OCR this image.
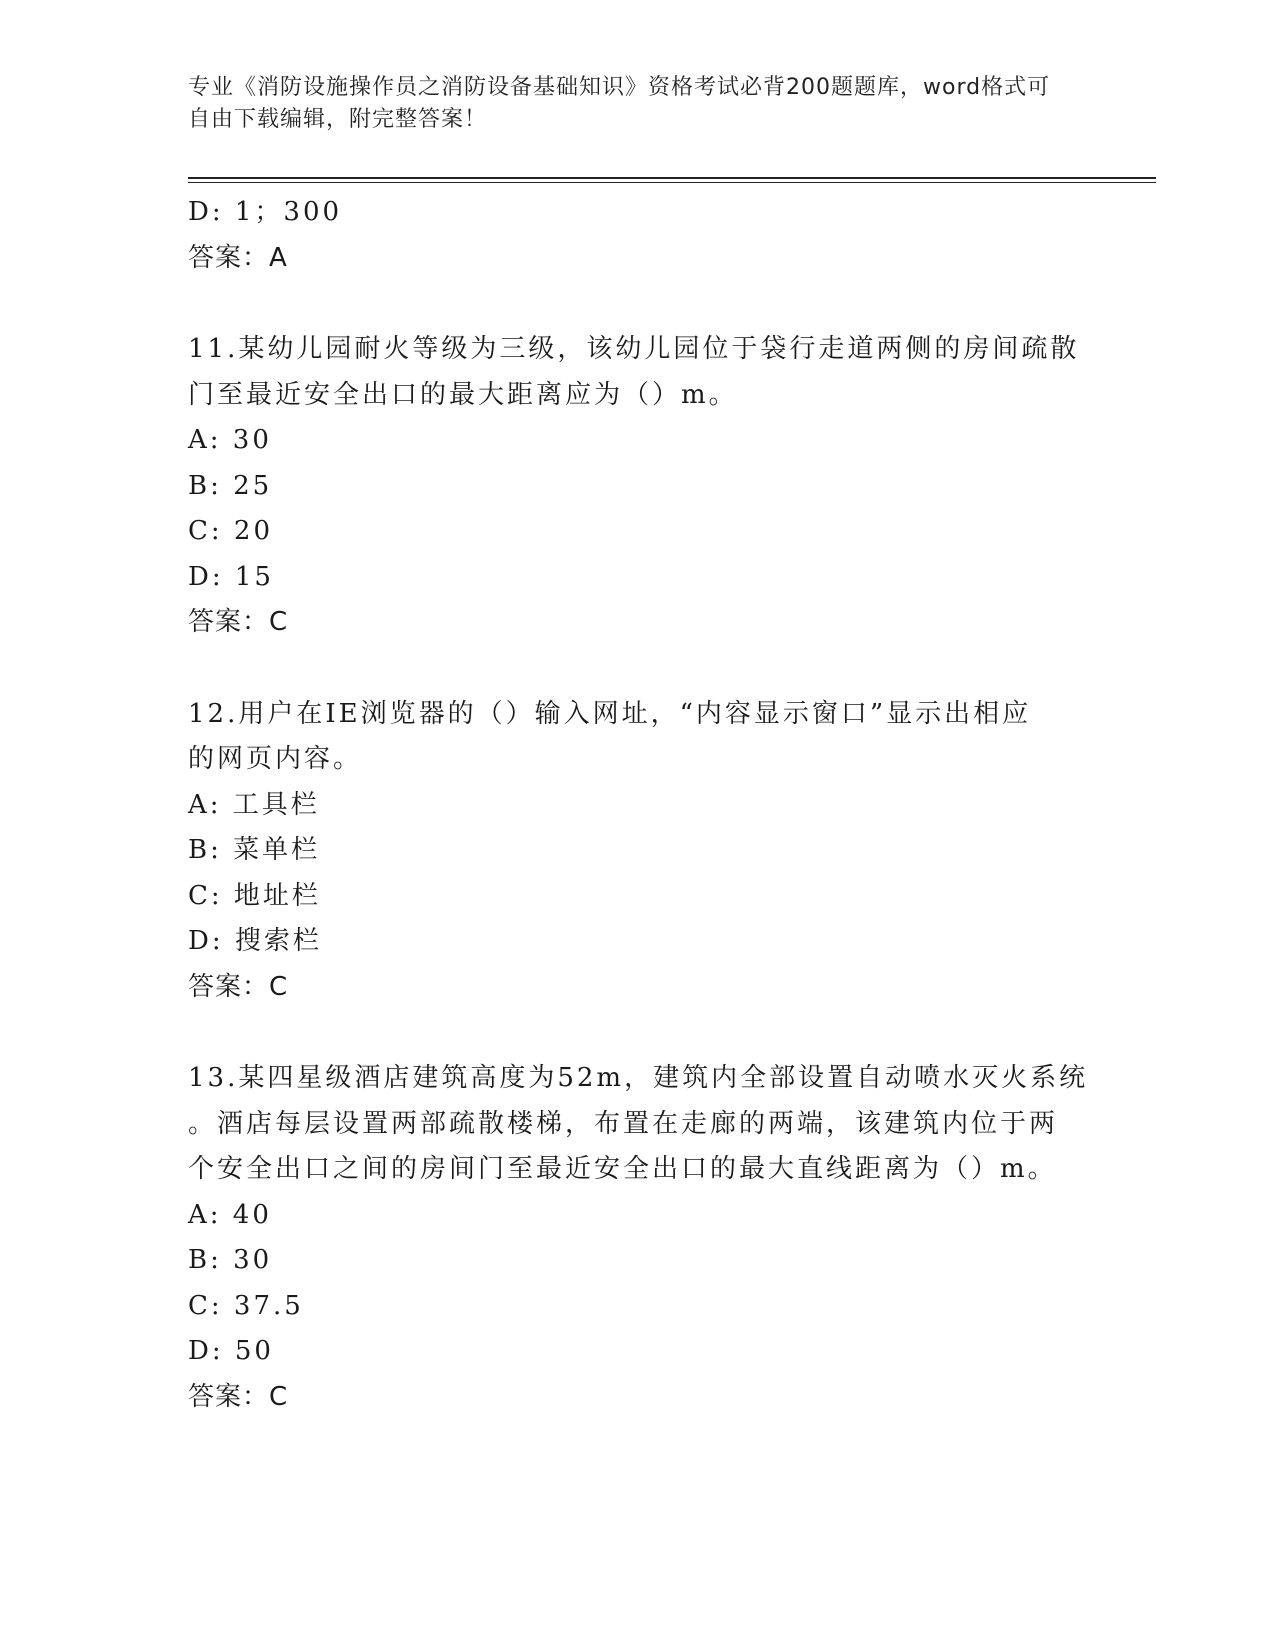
专业《消防设施操作员之消防设备基础知识》资格考试必背200题题库，word格式可自由下载编辑，附完整答案！
D: 1；300
答案：A
11.某幼儿园耐火等级为三级，该幼儿园位于袋行走道两侧的房间疏散
门至最近安全出口的最大距离应为（）m。
A: 30
B: 25
C: 20
D: 15
答案：C
12.用户在IE浏览器的（）输入网址，“内容显示窗口”显示出相应
的网页内容。
A: 工具栏
B: 菜单栏
C: 地址栏
D: 搜索栏
答案：C
13.某四星级酒店建筑高度为52m，建筑内全部设置自动喷水灭火系统
。酒店每层设置两部疏散楼梯，布置在走廊的两端，该建筑内位于两
个安全出口之间的房间门至最近安全出口的最大直线距离为（）m。
A: 40
B: 30
C: 37.5
D: 50
答案：C
